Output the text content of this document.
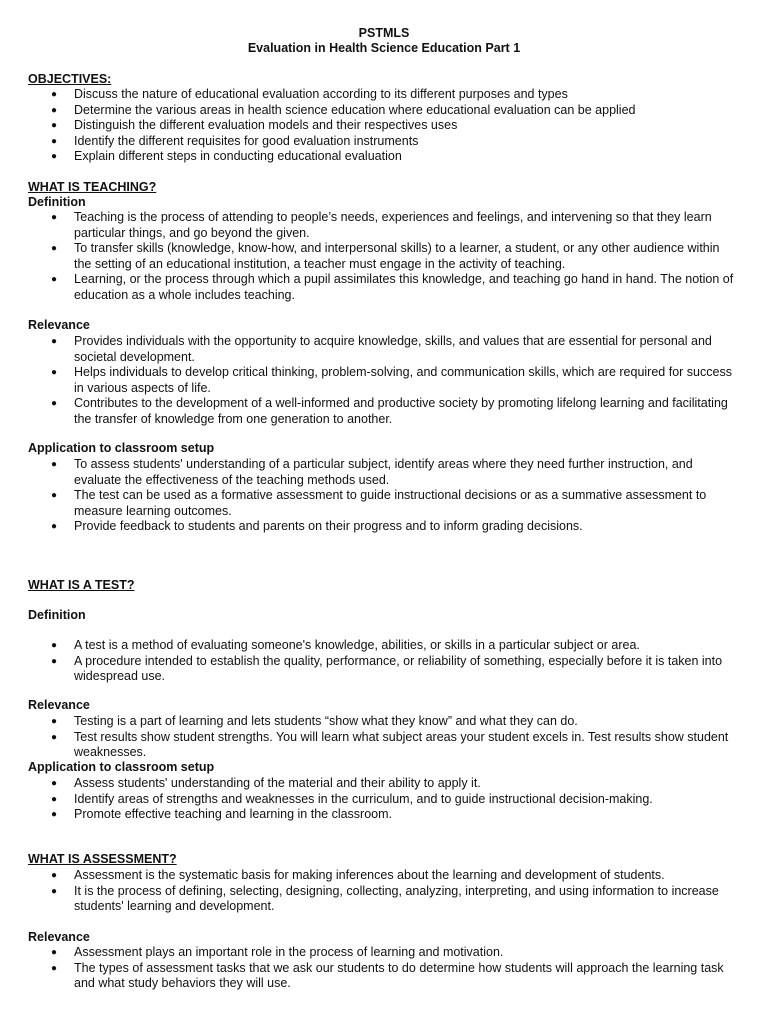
PSTMLS
Evaluation in Health Science Education Part 1
OBJECTIVES:
● Discuss the nature of educational evaluation according to its different purposes and types
● Determine the various areas in health science education where educational evaluation can be applied
● Distinguish the different evaluation models and their respectives uses
● Identify the different requisites for good evaluation instruments
● Explain different steps in conducting educational evaluation
WHAT IS TEACHING?
Definition
● Teaching is the process of attending to people’s needs, experiences and feelings, and intervening so that they learn particular things, and go beyond the given.
● To transfer skills (knowledge, know-how, and interpersonal skills) to a learner, a student, or any other audience within the setting of an educational institution, a teacher must engage in the activity of teaching.
● Learning, or the process through which a pupil assimilates this knowledge, and teaching go hand in hand. The notion of education as a whole includes teaching.
Relevance
● Provides individuals with the opportunity to acquire knowledge, skills, and values that are essential for personal and societal development.
● Helps individuals to develop critical thinking, problem-solving, and communication skills, which are required for success in various aspects of life.
● Contributes to the development of a well-informed and productive society by promoting lifelong learning and facilitating the transfer of knowledge from one generation to another.
Application to classroom setup
● To assess students' understanding of a particular subject, identify areas where they need further instruction, and evaluate the effectiveness of the teaching methods used.
● The test can be used as a formative assessment to guide instructional decisions or as a summative assessment to measure learning outcomes.
● Provide feedback to students and parents on their progress and to inform grading decisions.
WHAT IS A TEST?
Definition
● A test is a method of evaluating someone's knowledge, abilities, or skills in a particular subject or area.
● A procedure intended to establish the quality, performance, or reliability of something, especially before it is taken into widespread use.
Relevance
● Testing is a part of learning and lets students “show what they know” and what they can do.
● Test results show student strengths. You will learn what subject areas your student excels in. Test results show student weaknesses.
Application to classroom setup
● Assess students' understanding of the material and their ability to apply it.
● Identify areas of strengths and weaknesses in the curriculum, and to guide instructional decision-making.
● Promote effective teaching and learning in the classroom.
WHAT IS ASSESSMENT?
● Assessment is the systematic basis for making inferences about the learning and development of students.
● It is the process of defining, selecting, designing, collecting, analyzing, interpreting, and using information to increase students' learning and development.
Relevance
● Assessment plays an important role in the process of learning and motivation.
● The types of assessment tasks that we ask our students to do determine how students will approach the learning task and what study behaviors they will use.
